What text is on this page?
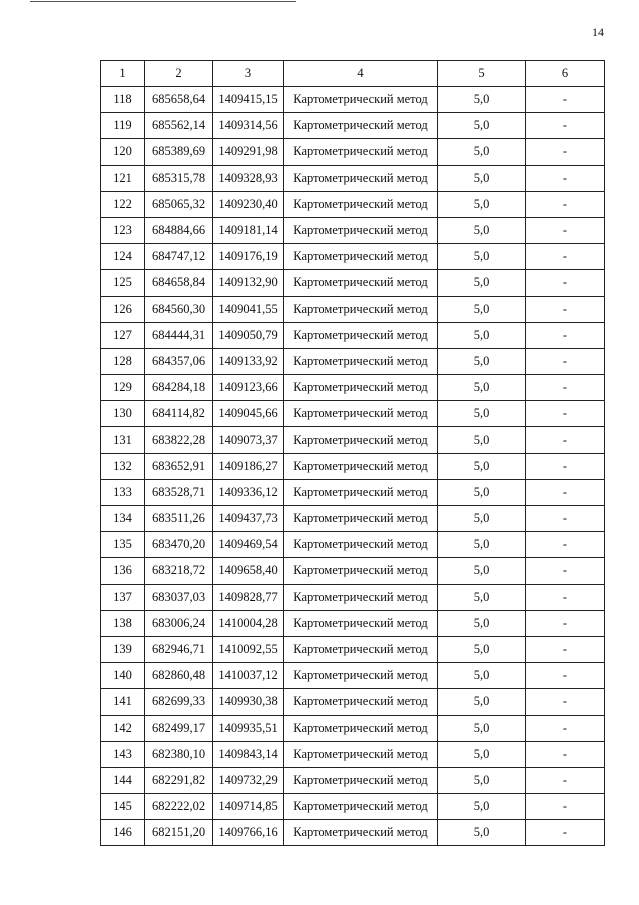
14
1	2	3	4	5	6
118	685658,64	1409415,15	Картометрический метод	5,0	-
119	685562,14	1409314,56	Картометрический метод	5,0	-
120	685389,69	1409291,98	Картометрический метод	5,0	-
121	685315,78	1409328,93	Картометрический метод	5,0	-
122	685065,32	1409230,40	Картометрический метод	5,0	-
123	684884,66	1409181,14	Картометрический метод	5,0	-
124	684747,12	1409176,19	Картометрический метод	5,0	-
125	684658,84	1409132,90	Картометрический метод	5,0	-
126	684560,30	1409041,55	Картометрический метод	5,0	-
127	684444,31	1409050,79	Картометрический метод	5,0	-
128	684357,06	1409133,92	Картометрический метод	5,0	-
129	684284,18	1409123,66	Картометрический метод	5,0	-
130	684114,82	1409045,66	Картометрический метод	5,0	-
131	683822,28	1409073,37	Картометрический метод	5,0	-
132	683652,91	1409186,27	Картометрический метод	5,0	-
133	683528,71	1409336,12	Картометрический метод	5,0	-
134	683511,26	1409437,73	Картометрический метод	5,0	-
135	683470,20	1409469,54	Картометрический метод	5,0	-
136	683218,72	1409658,40	Картометрический метод	5,0	-
137	683037,03	1409828,77	Картометрический метод	5,0	-
138	683006,24	1410004,28	Картометрический метод	5,0	-
139	682946,71	1410092,55	Картометрический метод	5,0	-
140	682860,48	1410037,12	Картометрический метод	5,0	-
141	682699,33	1409930,38	Картометрический метод	5,0	-
142	682499,17	1409935,51	Картометрический метод	5,0	-
143	682380,10	1409843,14	Картометрический метод	5,0	-
144	682291,82	1409732,29	Картометрический метод	5,0	-
145	682222,02	1409714,85	Картометрический метод	5,0	-
146	682151,20	1409766,16	Картометрический метод	5,0	-
